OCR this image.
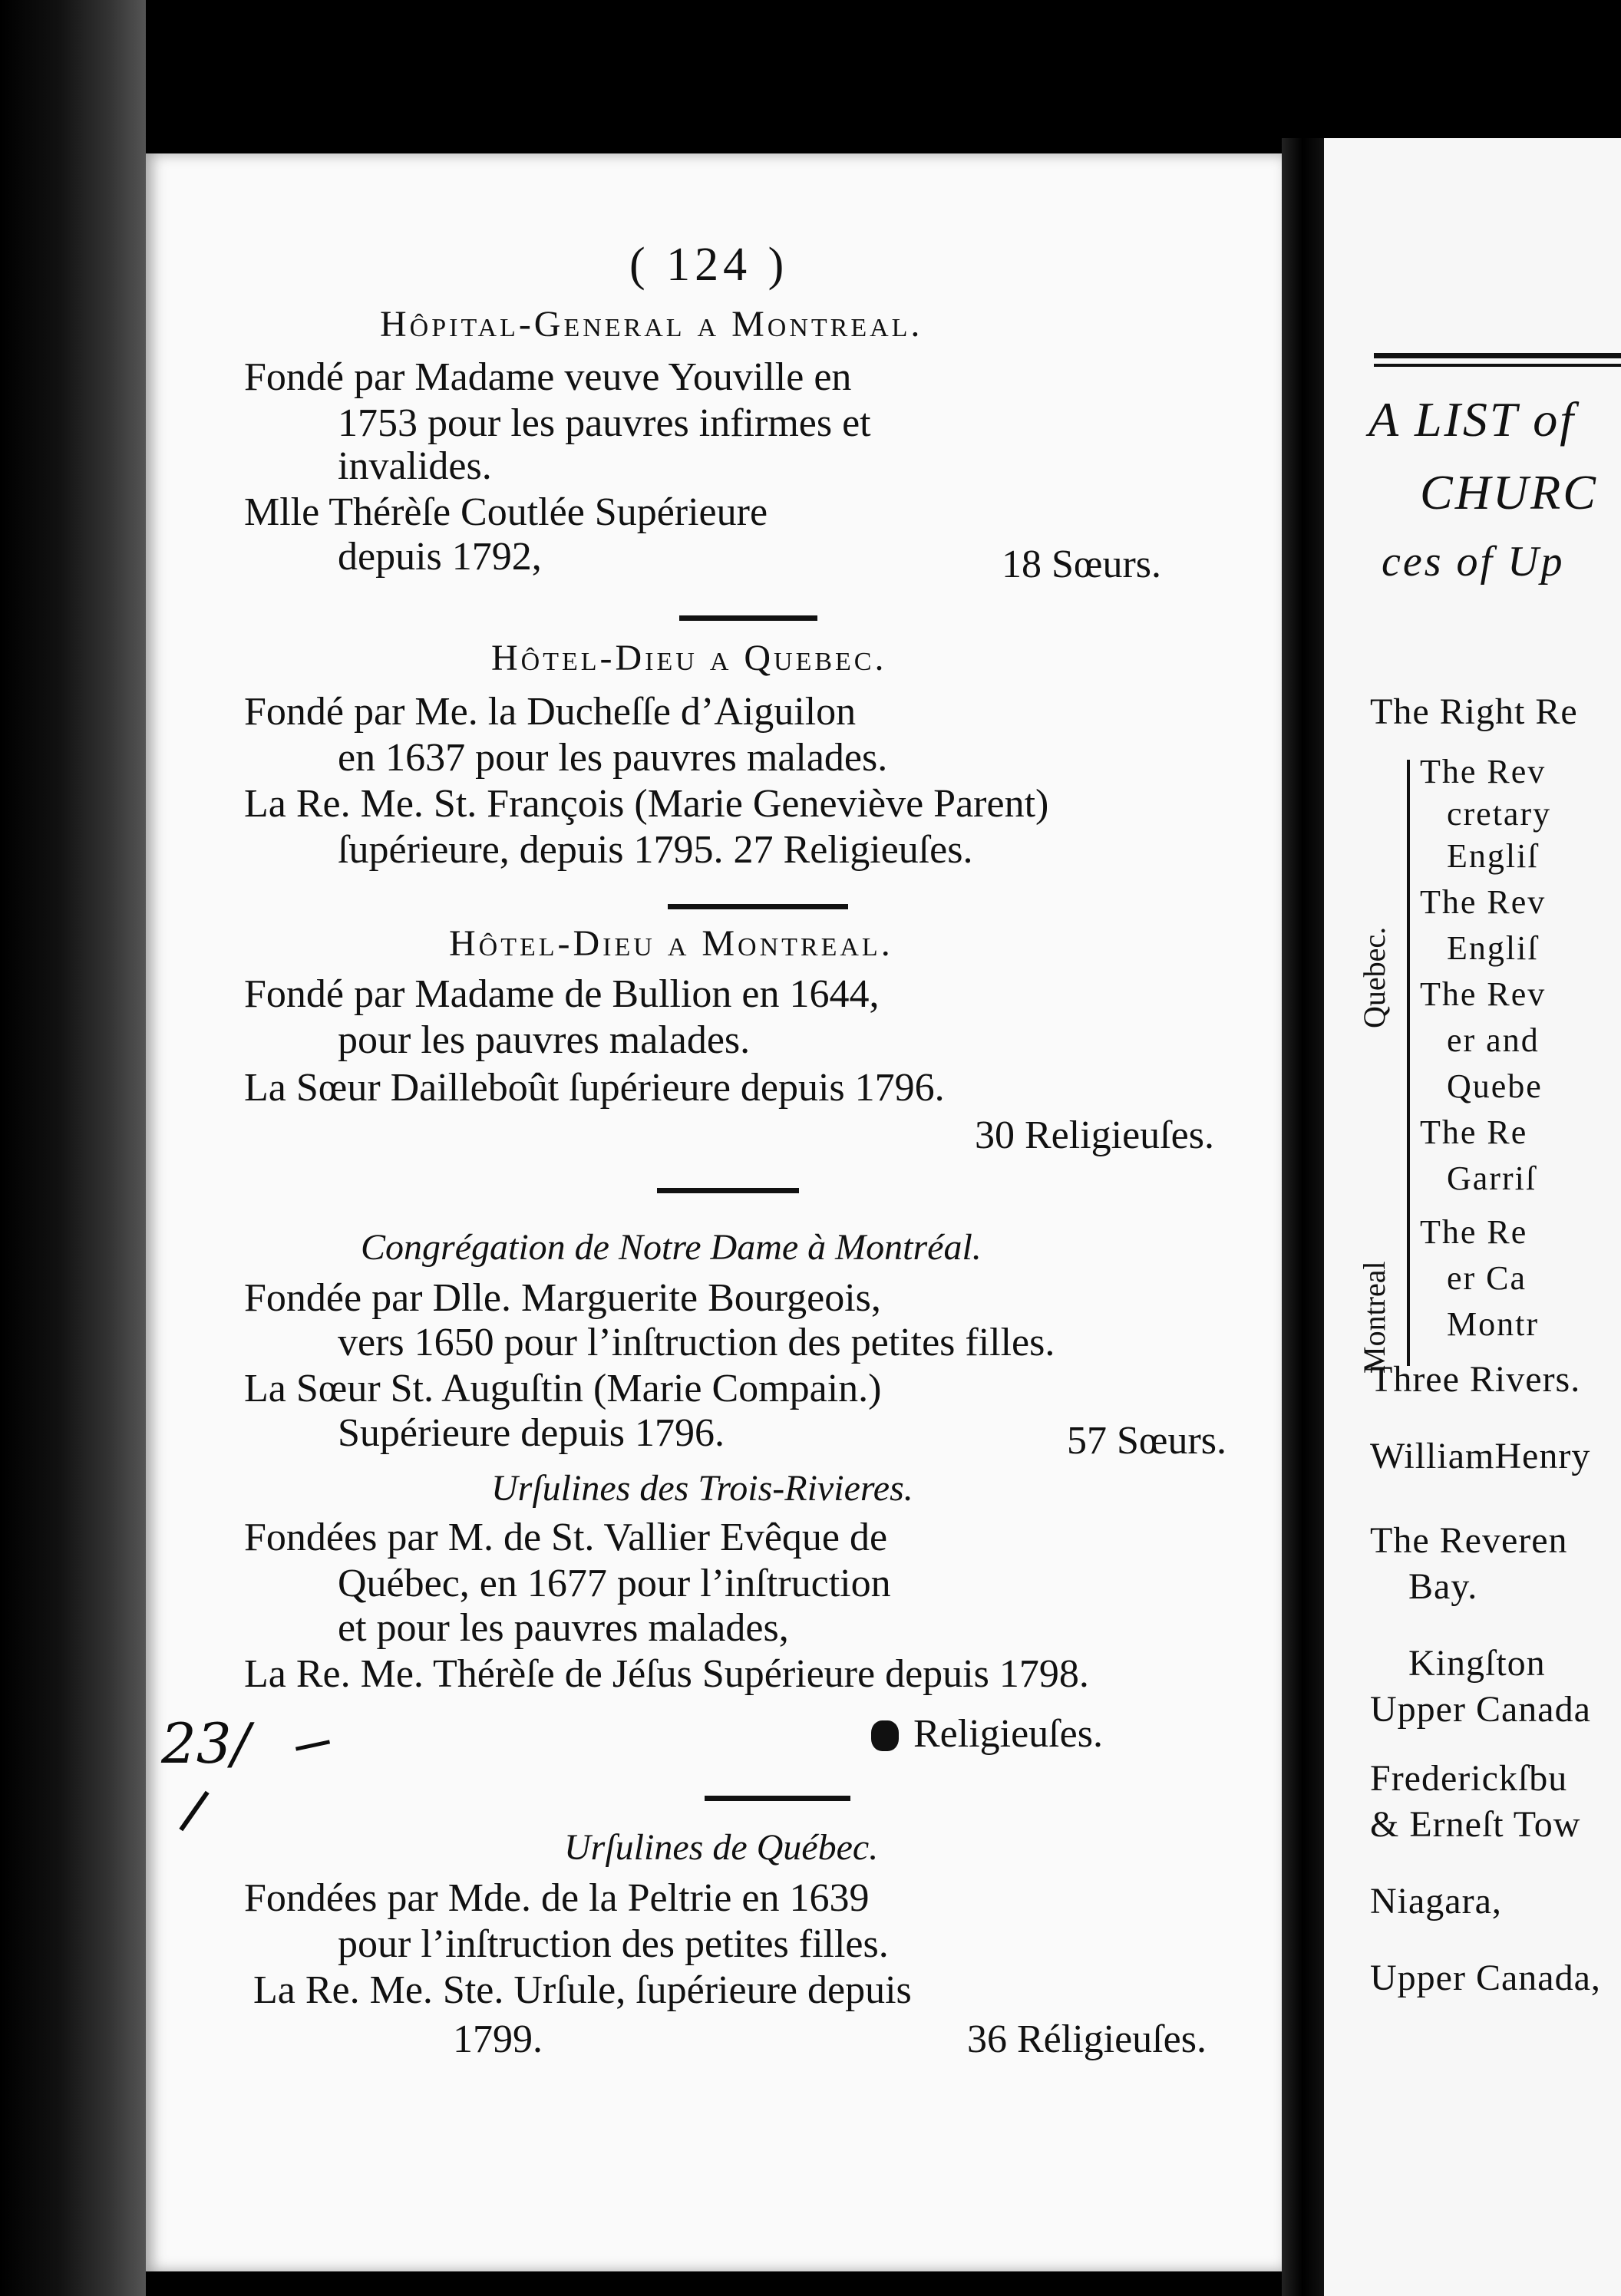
( 124 )
Hôpital-General a Montreal.
Fondé par Madame veuve Youville en
1753 pour les pauvres infirmes et
invalides.
Mlle Thérèſe Coutlée Supérieure
depuis 1792,	18 Sœurs.
Hôtel-Dieu a Quebec.
Fondé par Me. la Ducheſſe d’Aiguilon
en 1637 pour les pauvres malades.
La Re. Me. St. François (Marie Geneviève Parent)
ſupérieure, depuis 1795. 27 Religieuſes.
Hôtel-Dieu a Montreal.
Fondé par Madame de Bullion en 1644,
pour les pauvres malades.
La Sœur Dailleboût ſupérieure depuis 1796.
30 Religieuſes.
Congrégation de Notre Dame à Montréal.
Fondée par Dlle. Marguerite Bourgeois,
vers 1650 pour l’inſtruction des petites filles.
La Sœur St. Auguſtin (Marie Compain.)
Supérieure depuis 1796.	57 Sœurs.
Urſulines des Trois-Rivieres.
Fondées par M. de St. Vallier Evêque de
Québec, en 1677 pour l’inſtruction
et pour les pauvres malades,
La Re. Me. Thérèſe de Jéſus Supérieure depuis 1798.
Religieuſes.
Urſulines de Québec.
Fondées par Mde. de la Peltrie en 1639
pour l’inſtruction des petites filles.
La Re. Me. Ste. Urſule, ſupérieure depuis
1799.	36 Réligieuſes.
23/
A LIST of
CHURC
ces of Up
The Right Re
The Rev
cretary
Engliſ
The Rev
Engliſ
The Rev
er and
Quebe
The Re
Garriſ
Quebec.
The Re
er Ca
Montr
Montreal
Three Rivers.
WilliamHenry
The Reveren
Bay.
Kingſton
Upper Canada
Frederickſbu
& Erneſt Tow
Niagara,
Upper Canada,
